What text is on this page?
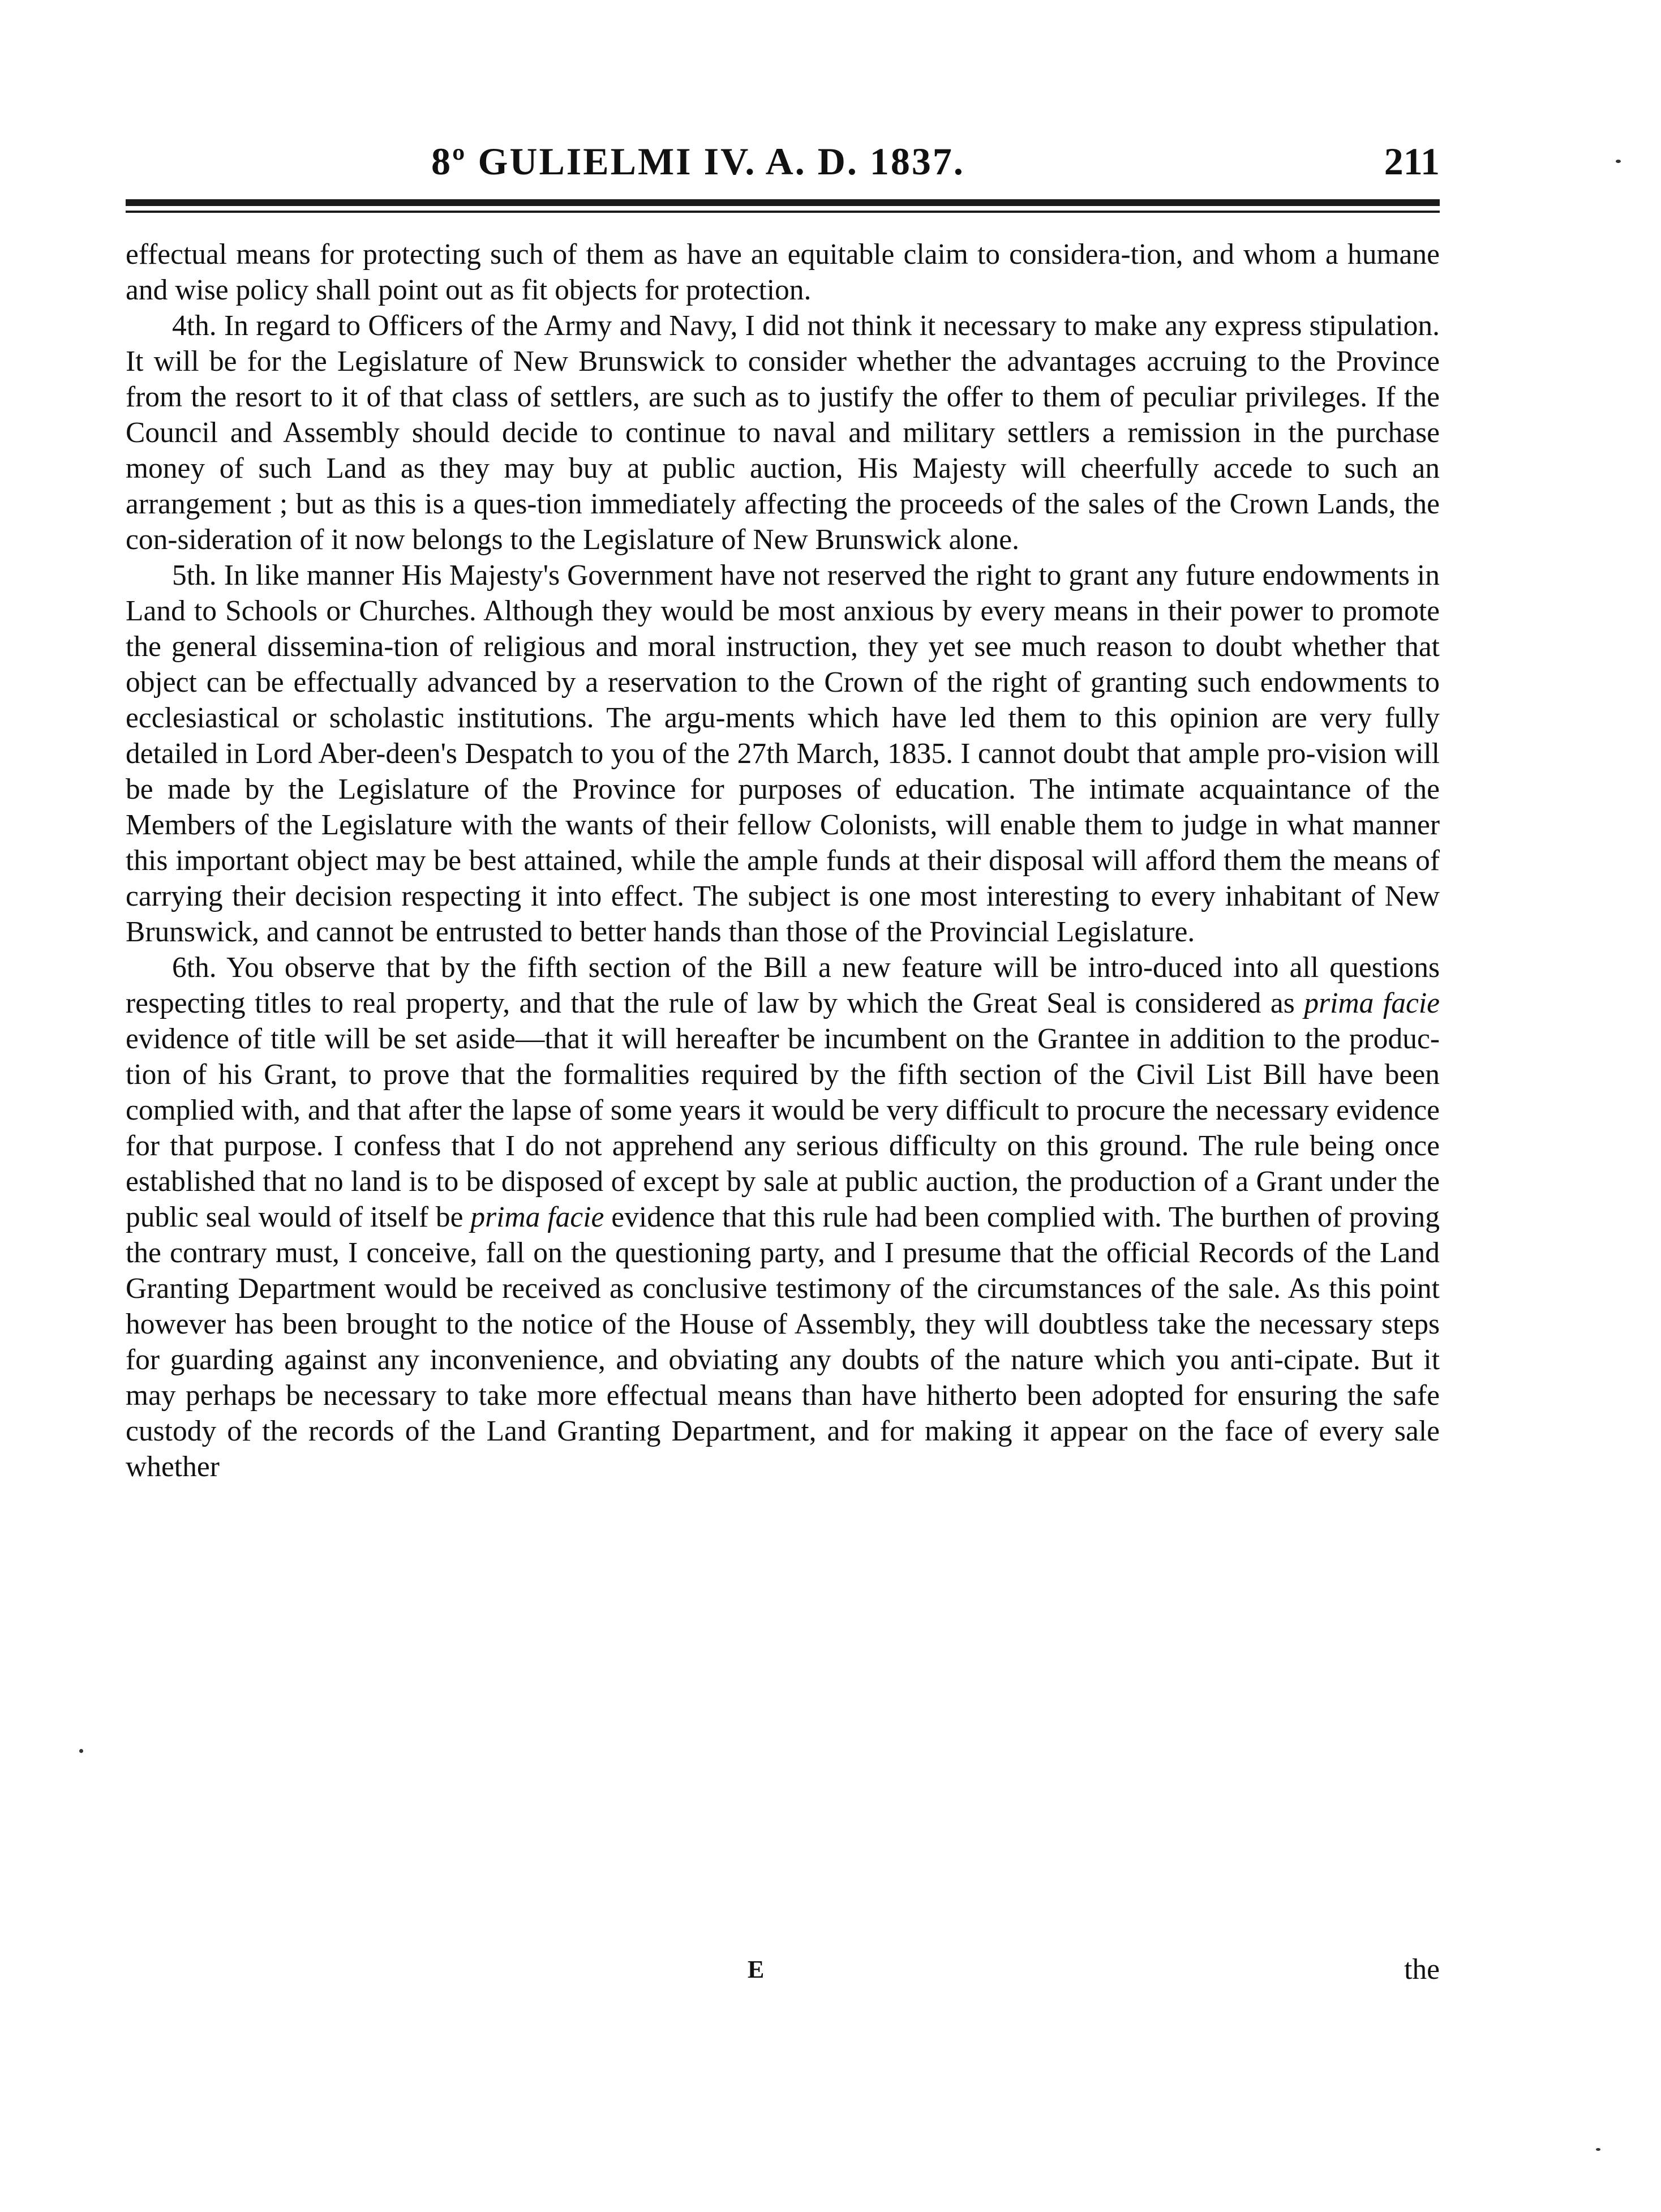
8º GULIELMI IV. A. D. 1837.	211

effectual means for protecting such of them as have an equitable claim to considera-tion, and whom a humane and wise policy shall point out as fit objects for protection.

4th. In regard to Officers of the Army and Navy, I did not think it necessary to make any express stipulation. It will be for the Legislature of New Brunswick to consider whether the advantages accruing to the Province from the resort to it of that class of settlers, are such as to justify the offer to them of peculiar privileges. If the Council and Assembly should decide to continue to naval and military settlers a remission in the purchase money of such Land as they may buy at public auction, His Majesty will cheerfully accede to such an arrangement ; but as this is a ques-tion immediately affecting the proceeds of the sales of the Crown Lands, the con-sideration of it now belongs to the Legislature of New Brunswick alone.

5th. In like manner His Majesty's Government have not reserved the right to grant any future endowments in Land to Schools or Churches. Although they would be most anxious by every means in their power to promote the general dissemina-tion of religious and moral instruction, they yet see much reason to doubt whether that object can be effectually advanced by a reservation to the Crown of the right of granting such endowments to ecclesiastical or scholastic institutions. The argu-ments which have led them to this opinion are very fully detailed in Lord Aber-deen's Despatch to you of the 27th March, 1835. I cannot doubt that ample pro-vision will be made by the Legislature of the Province for purposes of education. The intimate acquaintance of the Members of the Legislature with the wants of their fellow Colonists, will enable them to judge in what manner this important object may be best attained, while the ample funds at their disposal will afford them the means of carrying their decision respecting it into effect. The subject is one most interesting to every inhabitant of New Brunswick, and cannot be entrusted to better hands than those of the Provincial Legislature.

6th. You observe that by the fifth section of the Bill a new feature will be intro-duced into all questions respecting titles to real property, and that the rule of law by which the Great Seal is considered as prima facie evidence of title will be set aside—that it will hereafter be incumbent on the Grantee in addition to the produc-tion of his Grant, to prove that the formalities required by the fifth section of the Civil List Bill have been complied with, and that after the lapse of some years it would be very difficult to procure the necessary evidence for that purpose. I confess that I do not apprehend any serious difficulty on this ground. The rule being once established that no land is to be disposed of except by sale at public auction, the production of a Grant under the public seal would of itself be prima facie evidence that this rule had been complied with. The burthen of proving the contrary must, I conceive, fall on the questioning party, and I presume that the official Records of the Land Granting Department would be received as conclusive testimony of the circumstances of the sale. As this point however has been brought to the notice of the House of Assembly, they will doubtless take the necessary steps for guarding against any inconvenience, and obviating any doubts of the nature which you anti-cipate. But it may perhaps be necessary to take more effectual means than have hitherto been adopted for ensuring the safe custody of the records of the Land Granting Department, and for making it appear on the face of every sale whether

E	the
